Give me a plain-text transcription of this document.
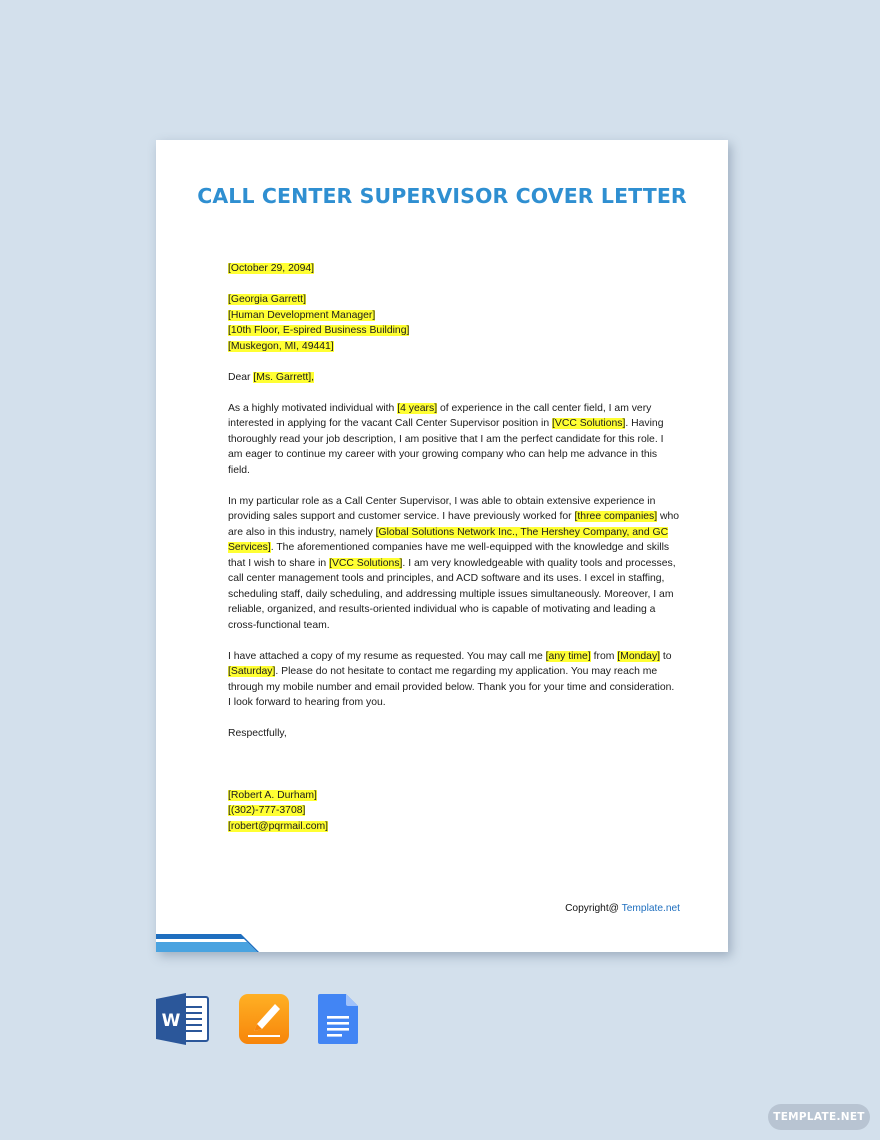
CALL CENTER SUPERVISOR COVER LETTER

[October 29, 2094]

[Georgia Garrett]
[Human Development Manager]
[10th Floor, E-spired Business Building]
[Muskegon, MI, 49441]

Dear [Ms. Garrett],

As a highly motivated individual with [4 years] of experience in the call center field, I am very interested in applying for the vacant Call Center Supervisor position in [VCC Solutions]. Having thoroughly read your job description, I am positive that I am the perfect candidate for this role. I am eager to continue my career with your growing company who can help me advance in this field.

In my particular role as a Call Center Supervisor, I was able to obtain extensive experience in providing sales support and customer service. I have previously worked for [three companies] who are also in this industry, namely [Global Solutions Network Inc., The Hershey Company, and GC Services]. The aforementioned companies have me well-equipped with the knowledge and skills that I wish to share in [VCC Solutions]. I am very knowledgeable with quality tools and processes, call center management tools and principles, and ACD software and its uses. I excel in staffing, scheduling staff, daily scheduling, and addressing multiple issues simultaneously. Moreover, I am reliable, organized, and results-oriented individual who is capable of motivating and leading a cross-functional team.

I have attached a copy of my resume as requested. You may call me [any time] from [Monday] to [Saturday]. Please do not hesitate to contact me regarding my application. You may reach me through my mobile number and email provided below. Thank you for your time and consideration. I look forward to hearing from you.

Respectfully,

[Robert A. Durham]
[(302)-777-3708]
[robert@pqrmail.com]

Copyright@ Template.net
W
TEMPLATE.NET
